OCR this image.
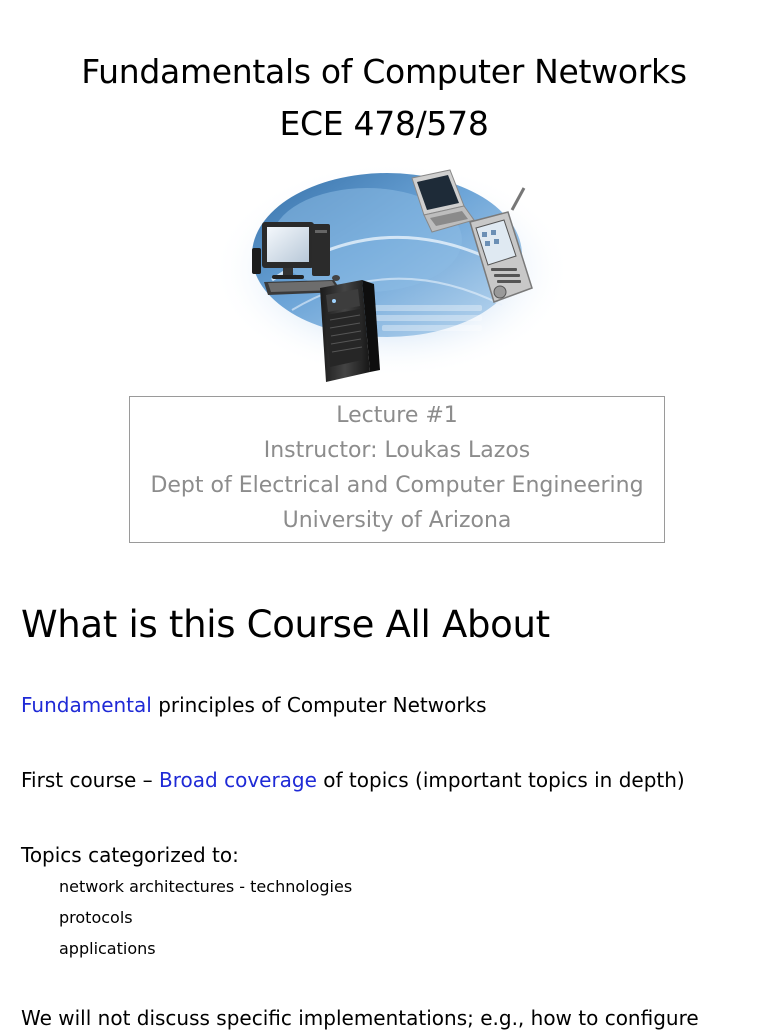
Fundamentals of Computer Networks
ECE 478/578
Lecture #1
Instructor: Loukas Lazos
Dept of Electrical and Computer Engineering
University of Arizona
What is this Course All About
Fundamental principles of Computer Networks
First course – Broad coverage of topics (important topics in depth)
Topics categorized to:
network architectures - technologies
protocols
applications
We will not discuss specific implementations; e.g., how to configure
